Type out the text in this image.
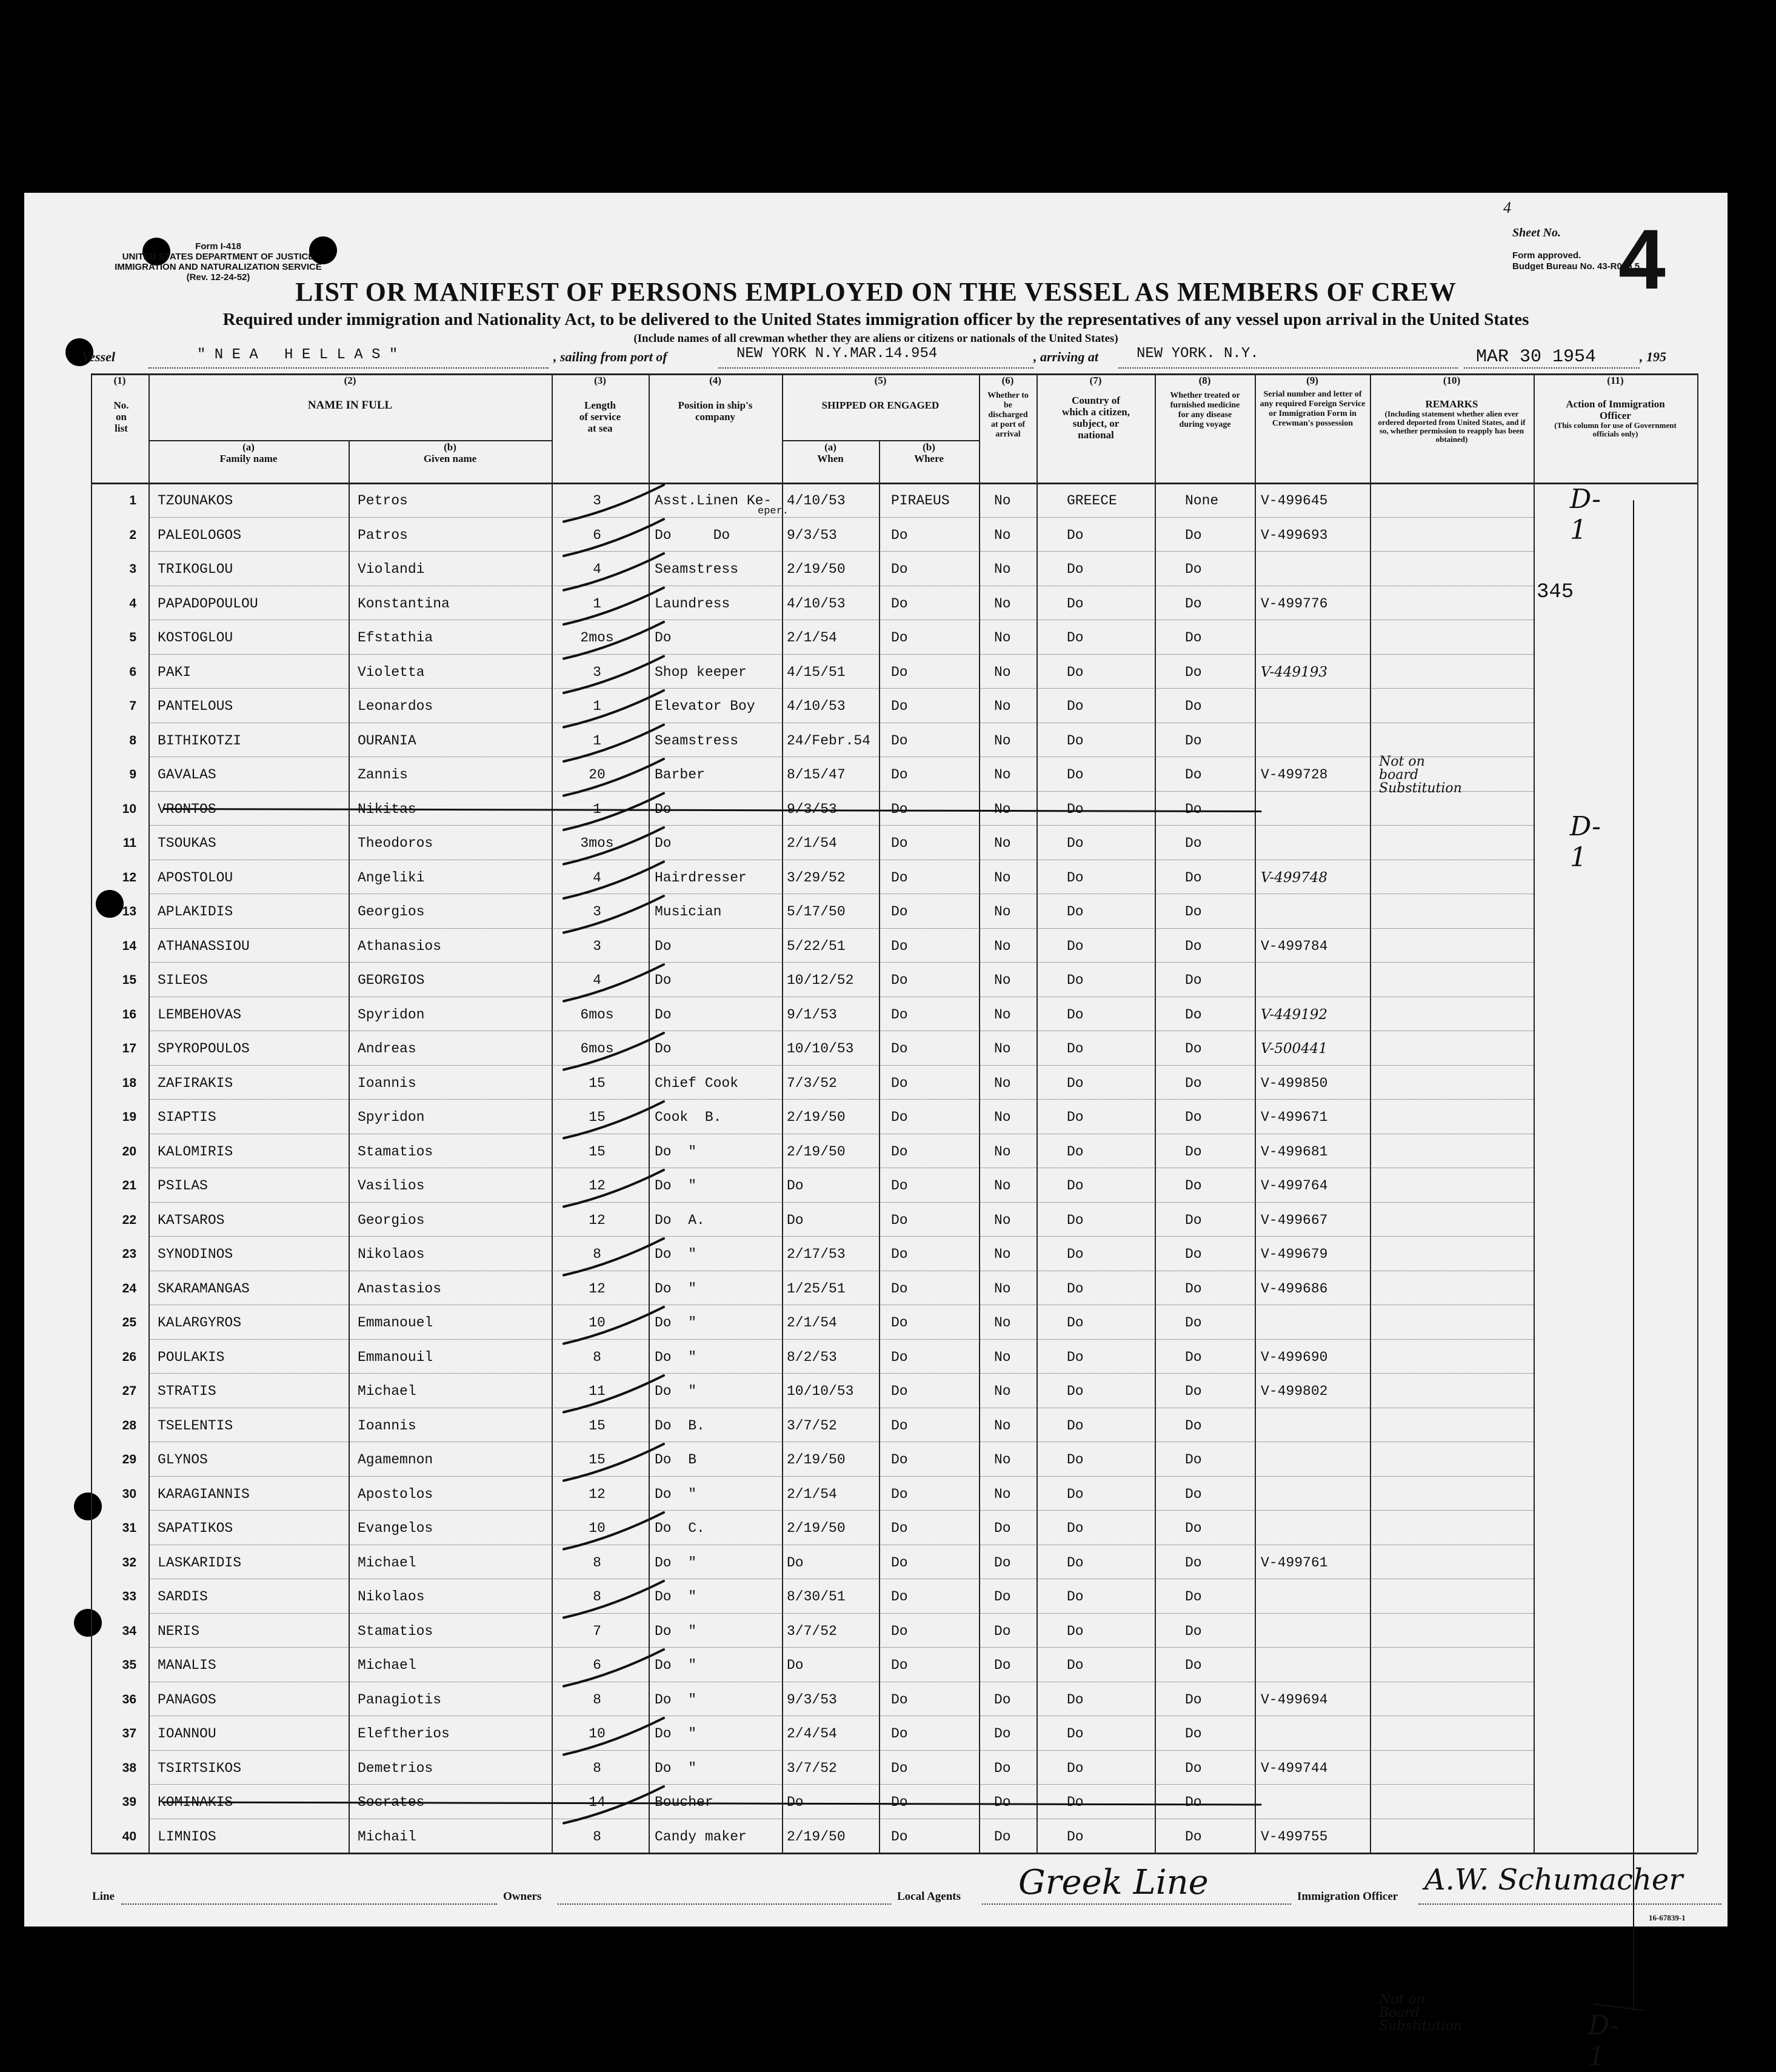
Form I-418
UNITED STATES DEPARTMENT OF JUSTICE
IMMIGRATION AND NATURALIZATION SERVICE
(Rev. 12-24-52)
Sheet No.
4
4
Form approved.
Budget Bureau No. 43-R005.5.
LIST OR MANIFEST OF PERSONS EMPLOYED ON THE VESSEL AS MEMBERS OF CREW
Required under immigration and Nationality Act, to be delivered to the United States immigration officer by the representatives of any vessel upon arrival in the United States
(Include names of all crewman whether they are aliens or citizens or nationals of the United States)
Vessel	" N E A   H E L L A S "	, sailing from port of	NEW YORK N.Y.MAR.14.954	, arriving at	NEW YORK. N.Y.	MAR 30 1954	, 195
(1)
No. on list
(2)
NAME IN FULL
(a)
Family name
(b)
Given name
(3)
Length of service at sea
(4)
Position in ship's company
(5)
SHIPPED OR ENGAGED
(a)
When
(b)
Where
(6)
Whether to be discharged at port of arrival
(7)
Country of which a citizen, subject, or national
(8)
Whether treated or furnished medicine for any disease during voyage
(9)
Serial number and letter of any required Foreign Service or Immigration Form in Crewman's possession
(10)
REMARKS
(Including statement whether alien ever ordered deported from United States, and if so, whether permission to reapply has been obtained)
(11)
Action of Immigration Officer
(This column for use of Government officials only)
1 TZOUNAKOS	Petros	3	Asst.Linen Ke- 4/10/53	PIRAEUS	No	GREECE	None	V-499645
eper.
2 PALEOLOGOS	Patros	6	Do     Do	9/3/53	Do	No	Do	Do	V-499693
3 TRIKOGLOU	Violandi	4	Seamstress	2/19/50	Do	No	Do	Do
4 PAPADOPOULOU	Konstantina	1	Laundress	4/10/53	Do	No	Do	Do	V-499776
5 KOSTOGLOU	Efstathia	2mos	Do	2/1/54	Do	No	Do	Do
6 PAKI	Violetta	3	Shop keeper	4/15/51	Do	No	Do	Do	V-449193
7 PANTELOUS	Leonardos	1	Elevator Boy 4/10/53	Do	No	Do	Do
8 BITHIKOTZI	OURANIA	1	Seamstress	24/Febr.54 Do	No	Do	Do
9 GAVALAS	Zannis	20	Barber	8/15/47	Do	No	Do	Do	V-499728
10 VRONTOS	Nikitas	1	Do	9/3/53	Do	No	Do	Do
11 TSOUKAS	Theodoros	3mos	Do	2/1/54	Do	No	Do	Do
12 APOSTOLOU	Angeliki	4	Hairdresser	3/29/52	Do	No	Do	Do	V-499748
13 APLAKIDIS	Georgios	3	Musician	5/17/50	Do	No	Do	Do
14 ATHANASSIOU	Athanasios	3	Do	5/22/51	Do	No	Do	Do	V-499784
15 SILEOS	GEORGIOS	4	Do	10/12/52	Do	No	Do	Do
16 LEMBEHOVAS	Spyridon	6mos	Do	9/1/53	Do	No	Do	Do	V-449192
17 SPYROPOULOS	Andreas	6mos	Do	10/10/53	Do	No	Do	Do	V-500441
18 ZAFIRAKIS	Ioannis	15	Chief Cook	7/3/52	Do	No	Do	Do	V-499850
19 SIAPTIS	Spyridon	15	Cook  B.	2/19/50	Do	No	Do	Do	V-499671
20 KALOMIRIS	Stamatios	15	Do  "	2/19/50	Do	No	Do	Do	V-499681
21 PSILAS	Vasilios	12	Do  "	Do	Do	No	Do	Do	V-499764
22 KATSAROS	Georgios	12	Do  A.	Do	Do	No	Do	Do	V-499667
23 SYNODINOS	Nikolaos	8	Do  "	2/17/53	Do	No	Do	Do	V-499679
24 SKARAMANGAS	Anastasios	12	Do  "	1/25/51	Do	No	Do	Do	V-499686
25 KALARGYROS	Emmanouel	10	Do  "	2/1/54	Do	No	Do	Do
26 POULAKIS	Emmanouil	8	Do  "	8/2/53	Do	No	Do	Do	V-499690
27 STRATIS	Michael	11	Do  "	10/10/53	Do	No	Do	Do	V-499802
28 TSELENTIS	Ioannis	15	Do  B.	3/7/52	Do	No	Do	Do
29 GLYNOS	Agamemnon	15	Do  B	2/19/50	Do	No	Do	Do
30 KARAGIANNIS	Apostolos	12	Do  "	2/1/54	Do	No	Do	Do
31 SAPATIKOS	Evangelos	10	Do  C.	2/19/50	Do	Do	Do	Do
32 LASKARIDIS	Michael	8	Do  "	Do	Do	Do	Do	Do	V-499761
33 SARDIS	Nikolaos	8	Do  "	8/30/51	Do	Do	Do	Do
34 NERIS	Stamatios	7	Do  "	3/7/52	Do	Do	Do	Do
35 MANALIS	Michael	6	Do  "	Do	Do	Do	Do	Do
36 PANAGOS	Panagiotis	8	Do  "	9/3/53	Do	Do	Do	Do	V-499694
37 IOANNOU	Eleftherios	10	Do  "	2/4/54	Do	Do	Do	Do
38 TSIRTSIKOS	Demetrios	8	Do  "	3/7/52	Do	Do	Do	Do	V-499744
39 KOMINAKIS	Socrates	14	Boucher	Do	Do	Do	Do	Do
40 LIMNIOS	Michail	8	Candy maker	2/19/50	Do	Do	Do	Do	V-499755
D-1
D-1
D-1
345
Not on board
Substitution
Not on Board
Substitution
Line	Owners	Local Agents	Immigration Officer
Greek Line	A.W. Schumacher
16-67839-1
